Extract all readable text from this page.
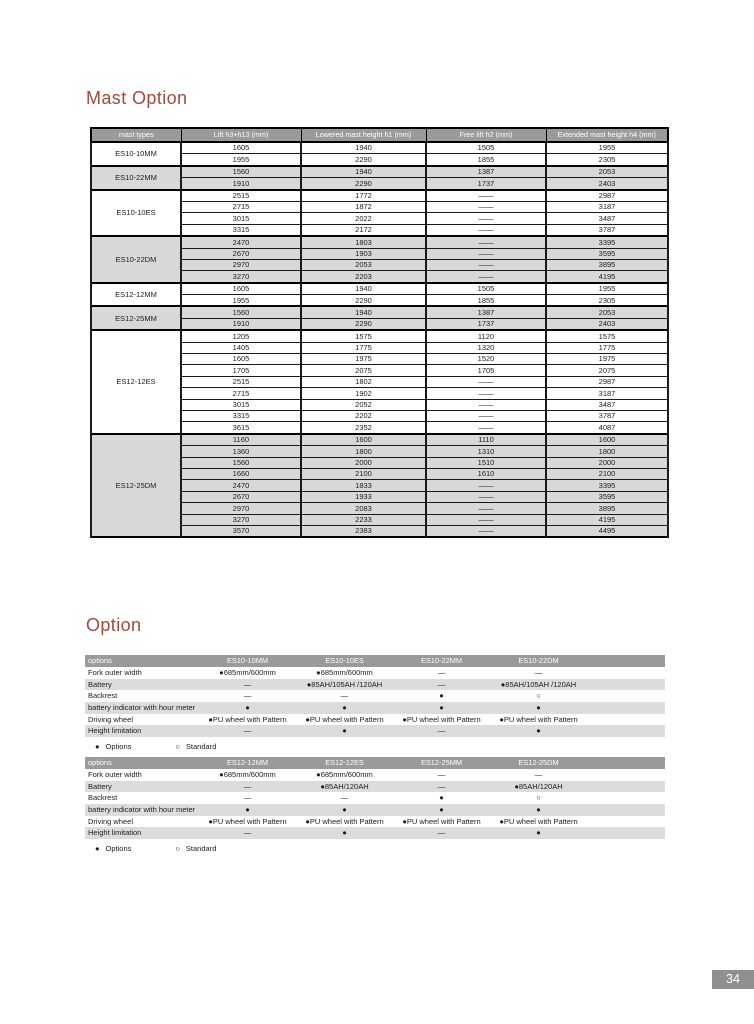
Mast Option
mast types	Lift h3+h13 (mm)	Lowered mast height h1 (mm)	Free lift h2 (mm)	Extended mast height h4 (mm)
ES10-10MM	1605	1940	1505	1955
	1955	2290	1855	2305
ES10-22MM	1560	1940	1387	2053
	1910	2290	1737	2403
ES10-10ES	2515	1772	——	2987
	2715	1872	——	3187
	3015	2022	——	3487
	3315	2172	——	3787
ES10-22DM	2470	1803	——	3395
	2670	1903	——	3595
	2970	2053	——	3895
	3270	2203	——	4195
ES12-12MM	1605	1940	1505	1955
	1955	2290	1855	2305
ES12-25MM	1560	1940	1387	2053
	1910	2290	1737	2403
ES12-12ES	1205	1575	1120	1575
	1405	1775	1320	1775
	1605	1975	1520	1975
	1705	2075	1705	2075
	2515	1802	——	2987
	2715	1902	——	3187
	3015	2052	——	3487
	3315	2202	——	3787
	3615	2352	——	4087
ES12-25DM	1160	1600	1110	1600
	1360	1800	1310	1800
	1560	2000	1510	2000
	1660	2100	1610	2100
	2470	1833	——	3395
	2670	1933	——	3595
	2970	2083	——	3895
	3270	2233	——	4195
	3570	2383	——	4495
Option
options	ES10-10MM	ES10-10ES	ES10-22MM	ES10-22DM
Fork outer width	●685mm/600mm	●685mm/600mm	—	—
Battery	—	●85AH/105AH /120AH	—	●85AH/105AH /120AH
Backrest	—	—	●	○
battery indicator with hour meter	●	●	●	●
Driving wheel	●PU wheel with Pattern	●PU wheel with Pattern	●PU wheel with Pattern	●PU wheel with Pattern
Height limitation	—	●	—	●
● Options	○ Standard
options	ES12-12MM	ES12-12ES	ES12-25MM	ES12-25DM
Fork outer width	●685mm/600mm	●685mm/600mm	—	—
Battery	—	●85AH/120AH	—	●85AH/120AH
Backrest	—	—	●	○
battery indicator with hour meter	●	●	●	●
Driving wheel	●PU wheel with Pattern	●PU wheel with Pattern	●PU wheel with Pattern	●PU wheel with Pattern
Height limitation	—	●	—	●
● Options	○ Standard
34
